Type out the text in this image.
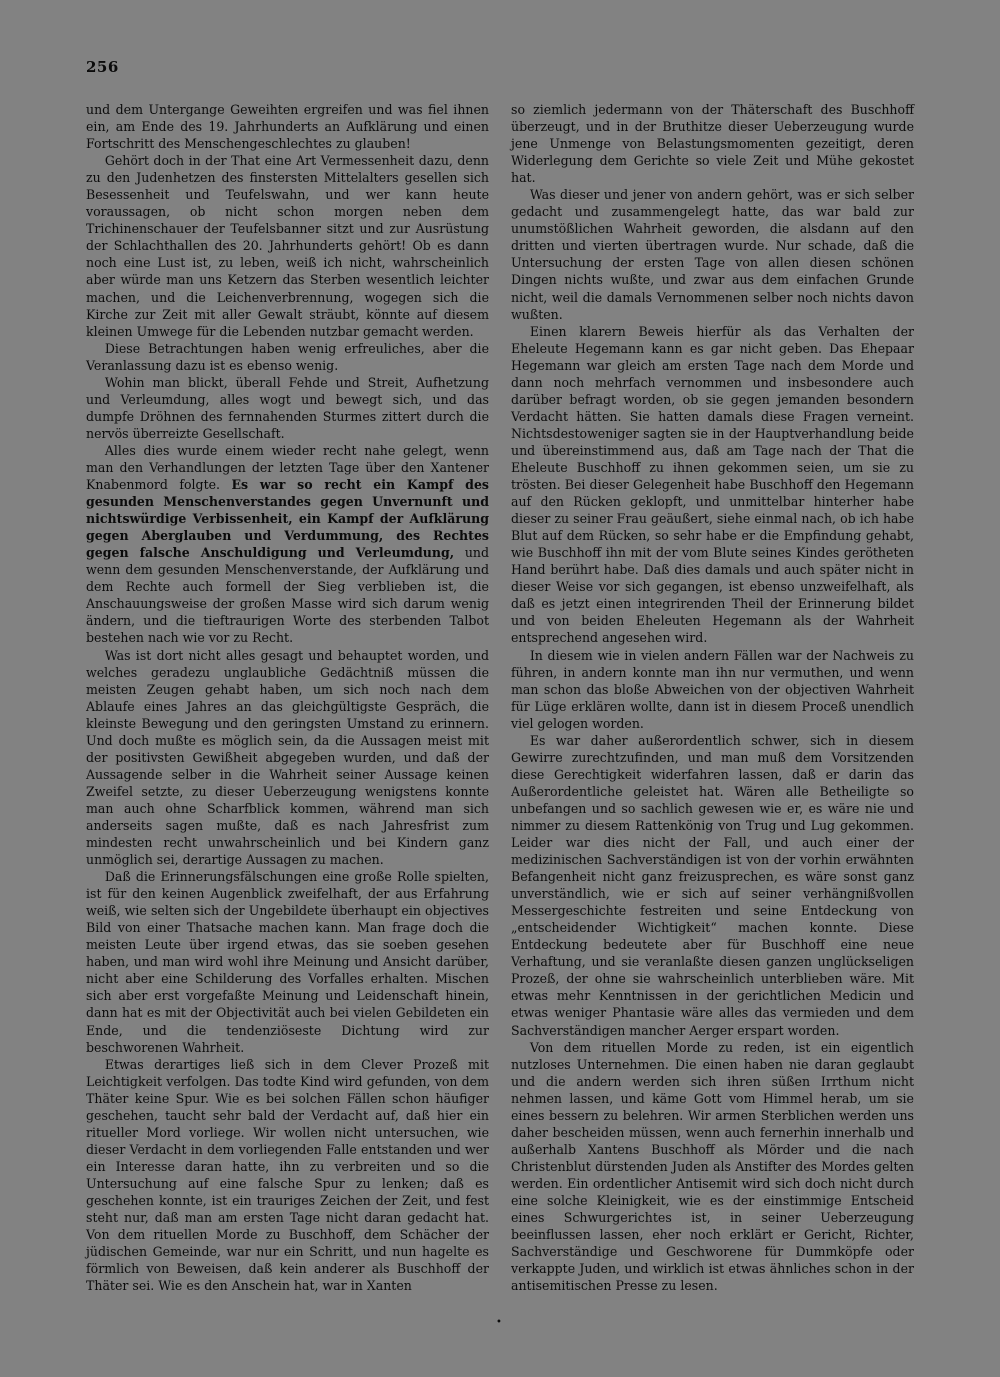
256

und dem Untergange Geweihten ergreifen und was fiel ihnen ein, am Ende des 19. Jahrhunderts an Aufklärung und einen Fortschritt des Menschengeschlechtes zu glauben!

Gehört doch in der That eine Art Vermessenheit dazu, denn zu den Judenhetzen des finstersten Mittelalters gesellen sich Besessenheit und Teufelswahn, und wer kann heute voraussagen, ob nicht schon morgen neben dem Trichinenschauer der Teufelsbanner sitzt und zur Ausrüstung der Schlachthallen des 20. Jahrhunderts gehört! Ob es dann noch eine Lust ist, zu leben, weiß ich nicht, wahrscheinlich aber würde man uns Ketzern das Sterben wesentlich leichter machen, und die Leichenverbrennung, wogegen sich die Kirche zur Zeit mit aller Gewalt sträubt, könnte auf diesem kleinen Umwege für die Lebenden nutzbar gemacht werden.

Diese Betrachtungen haben wenig erfreuliches, aber die Veranlassung dazu ist es ebenso wenig.

Wohin man blickt, überall Fehde und Streit, Aufhetzung und Verleumdung, alles wogt und bewegt sich, und das dumpfe Dröhnen des fernnahenden Sturmes zittert durch die nervös überreizte Gesellschaft.

Alles dies wurde einem wieder recht nahe gelegt, wenn man den Verhandlungen der letzten Tage über den Xantener Knabenmord folgte. Es war so recht ein Kampf des gesunden Menschenverstandes gegen Unvernunft und nichtswürdige Verbissenheit, ein Kampf der Aufklärung gegen Aberglauben und Verdummung, des Rechtes gegen falsche Anschuldigung und Verleumdung, und wenn dem gesunden Menschenverstande, der Aufklärung und dem Rechte auch formell der Sieg verblieben ist, die Anschauungsweise der großen Masse wird sich darum wenig ändern, und die tieftraurigen Worte des sterbenden Talbot bestehen nach wie vor zu Recht.

Was ist dort nicht alles gesagt und behauptet worden, und welches geradezu unglaubliche Gedächtniß müssen die meisten Zeugen gehabt haben, um sich noch nach dem Ablaufe eines Jahres an das gleichgültigste Gespräch, die kleinste Bewegung und den geringsten Umstand zu erinnern. Und doch mußte es möglich sein, da die Aussagen meist mit der positivsten Gewißheit abgegeben wurden, und daß der Aussagende selber in die Wahrheit seiner Aussage keinen Zweifel setzte, zu dieser Ueberzeugung wenigstens konnte man auch ohne Scharfblick kommen, während man sich anderseits sagen mußte, daß es nach Jahresfrist zum mindesten recht unwahrscheinlich und bei Kindern ganz unmöglich sei, derartige Aussagen zu machen.

Daß die Erinnerungsfälschungen eine große Rolle spielten, ist für den keinen Augenblick zweifelhaft, der aus Erfahrung weiß, wie selten sich der Ungebildete überhaupt ein objectives Bild von einer Thatsache machen kann. Man frage doch die meisten Leute über irgend etwas, das sie soeben gesehen haben, und man wird wohl ihre Meinung und Ansicht darüber, nicht aber eine Schilderung des Vorfalles erhalten. Mischen sich aber erst vorgefaßte Meinung und Leidenschaft hinein, dann hat es mit der Objectivität auch bei vielen Gebildeten ein Ende, und die tendenziöseste Dichtung wird zur beschworenen Wahrheit.

Etwas derartiges ließ sich in dem Clever Prozeß mit Leichtigkeit verfolgen. Das todte Kind wird gefunden, von dem Thäter keine Spur. Wie es bei solchen Fällen schon häufiger geschehen, taucht sehr bald der Verdacht auf, daß hier ein ritueller Mord vorliege. Wir wollen nicht untersuchen, wie dieser Verdacht in dem vorliegenden Falle entstanden und wer ein Interesse daran hatte, ihn zu verbreiten und so die Untersuchung auf eine falsche Spur zu lenken; daß es geschehen konnte, ist ein trauriges Zeichen der Zeit, und fest steht nur, daß man am ersten Tage nicht daran gedacht hat. Von dem rituellen Morde zu Buschhoff, dem Schächer der jüdischen Gemeinde, war nur ein Schritt, und nun hagelte es förmlich von Beweisen, daß kein anderer als Buschhoff der Thäter sei. Wie es den Anschein hat, war in Xanten

so ziemlich jedermann von der Thäterschaft des Buschhoff überzeugt, und in der Bruthitze dieser Ueberzeugung wurde jene Unmenge von Belastungsmomenten gezeitigt, deren Widerlegung dem Gerichte so viele Zeit und Mühe gekostet hat.

Was dieser und jener von andern gehört, was er sich selber gedacht und zusammengelegt hatte, das war bald zur unumstößlichen Wahrheit geworden, die alsdann auf den dritten und vierten übertragen wurde. Nur schade, daß die Untersuchung der ersten Tage von allen diesen schönen Dingen nichts wußte, und zwar aus dem einfachen Grunde nicht, weil die damals Vernommenen selber noch nichts davon wußten.

Einen klarern Beweis hierfür als das Verhalten der Eheleute Hegemann kann es gar nicht geben. Das Ehepaar Hegemann war gleich am ersten Tage nach dem Morde und dann noch mehrfach vernommen und insbesondere auch darüber befragt worden, ob sie gegen jemanden besondern Verdacht hätten. Sie hatten damals diese Fragen verneint. Nichtsdestoweniger sagten sie in der Hauptverhandlung beide und übereinstimmend aus, daß am Tage nach der That die Eheleute Buschhoff zu ihnen gekommen seien, um sie zu trösten. Bei dieser Gelegenheit habe Buschhoff den Hegemann auf den Rücken geklopft, und unmittelbar hinterher habe dieser zu seiner Frau geäußert, siehe einmal nach, ob ich habe Blut auf dem Rücken, so sehr habe er die Empfindung gehabt, wie Buschhoff ihn mit der vom Blute seines Kindes gerötheten Hand berührt habe. Daß dies damals und auch später nicht in dieser Weise vor sich gegangen, ist ebenso unzweifelhaft, als daß es jetzt einen integrirenden Theil der Erinnerung bildet und von beiden Eheleuten Hegemann als der Wahrheit entsprechend angesehen wird.

In diesem wie in vielen andern Fällen war der Nachweis zu führen, in andern konnte man ihn nur vermuthen, und wenn man schon das bloße Abweichen von der objectiven Wahrheit für Lüge erklären wollte, dann ist in diesem Proceß unendlich viel gelogen worden.

Es war daher außerordentlich schwer, sich in diesem Gewirre zurechtzufinden, und man muß dem Vorsitzenden diese Gerechtigkeit widerfahren lassen, daß er darin das Außerordentliche geleistet hat. Wären alle Betheiligte so unbefangen und so sachlich gewesen wie er, es wäre nie und nimmer zu diesem Rattenkönig von Trug und Lug gekommen. Leider war dies nicht der Fall, und auch einer der medizinischen Sachverständigen ist von der vorhin erwähnten Befangenheit nicht ganz freizusprechen, es wäre sonst ganz unverständlich, wie er sich auf seiner verhängnißvollen Messergeschichte festreiten und seine Entdeckung von „entscheidender Wichtigkeit“ machen konnte. Diese Entdeckung bedeutete aber für Buschhoff eine neue Verhaftung, und sie veranlaßte diesen ganzen unglückseligen Prozeß, der ohne sie wahrscheinlich unterblieben wäre. Mit etwas mehr Kenntnissen in der gerichtlichen Medicin und etwas weniger Phantasie wäre alles das vermieden und dem Sachverständigen mancher Aerger erspart worden.

Von dem rituellen Morde zu reden, ist ein eigentlich nutzloses Unternehmen. Die einen haben nie daran geglaubt und die andern werden sich ihren süßen Irrthum nicht nehmen lassen, und käme Gott vom Himmel herab, um sie eines bessern zu belehren. Wir armen Sterblichen werden uns daher bescheiden müssen, wenn auch fernerhin innerhalb und außerhalb Xantens Buschhoff als Mörder und die nach Christenblut dürstenden Juden als Anstifter des Mordes gelten werden. Ein ordentlicher Antisemit wird sich doch nicht durch eine solche Kleinigkeit, wie es der einstimmige Entscheid eines Schwurgerichtes ist, in seiner Ueberzeugung beeinflussen lassen, eher noch erklärt er Gericht, Richter, Sachverständige und Geschworene für Dummköpfe oder verkappte Juden, und wirklich ist etwas ähnliches schon in der antisemitischen Presse zu lesen.

•
